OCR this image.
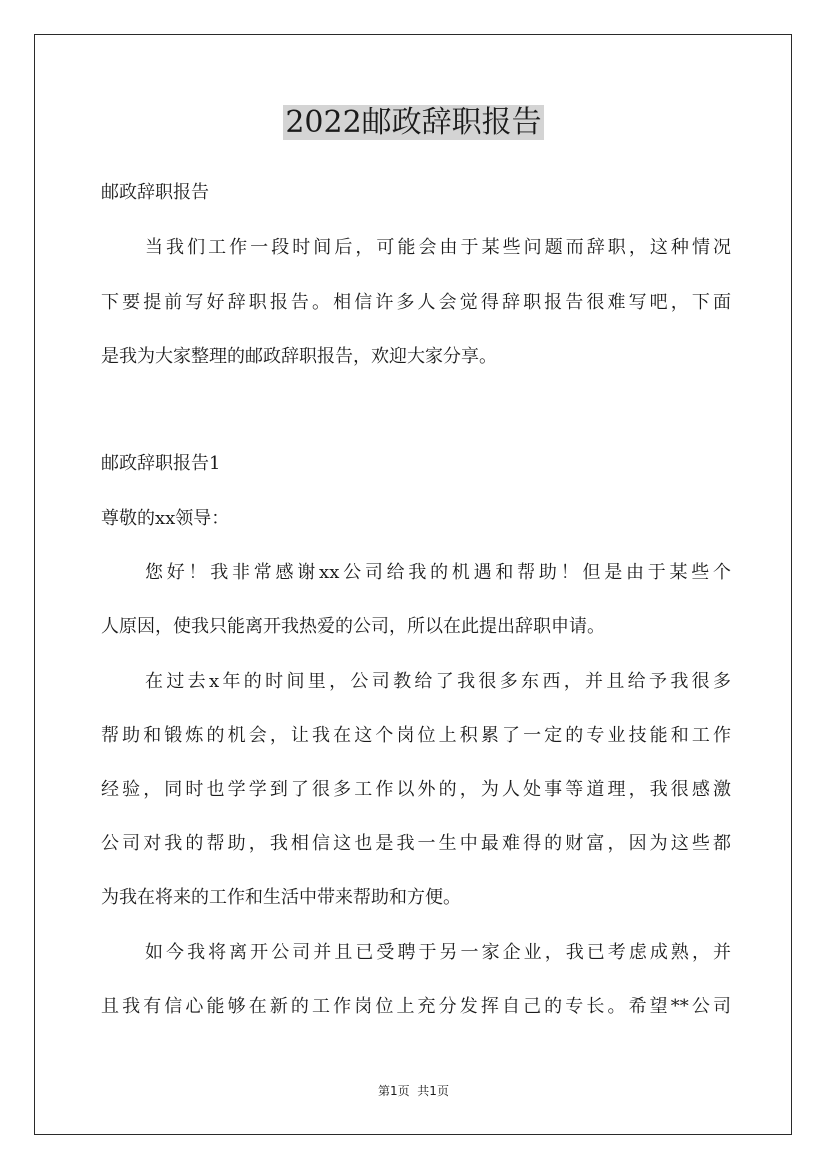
2022邮政辞职报告

邮政辞职报告

当我们工作一段时间后，可能会由于某些问题而辞职，这种情况

下要提前写好辞职报告。相信许多人会觉得辞职报告很难写吧，下面

是我为大家整理的邮政辞职报告，欢迎大家分享。

邮政辞职报告1

尊敬的xx领导：

您好！我非常感谢xx公司给我的机遇和帮助！但是由于某些个

人原因，使我只能离开我热爱的公司，所以在此提出辞职申请。

在过去x年的时间里，公司教给了我很多东西，并且给予我很多

帮助和锻炼的机会，让我在这个岗位上积累了一定的专业技能和工作

经验，同时也学学到了很多工作以外的，为人处事等道理，我很感激

公司对我的帮助，我相信这也是我一生中最难得的财富，因为这些都

为我在将来的工作和生活中带来帮助和方便。

如今我将离开公司并且已受聘于另一家企业，我已考虑成熟，并

且我有信心能够在新的工作岗位上充分发挥自己的专长。希望**公司

第1页  共1页
